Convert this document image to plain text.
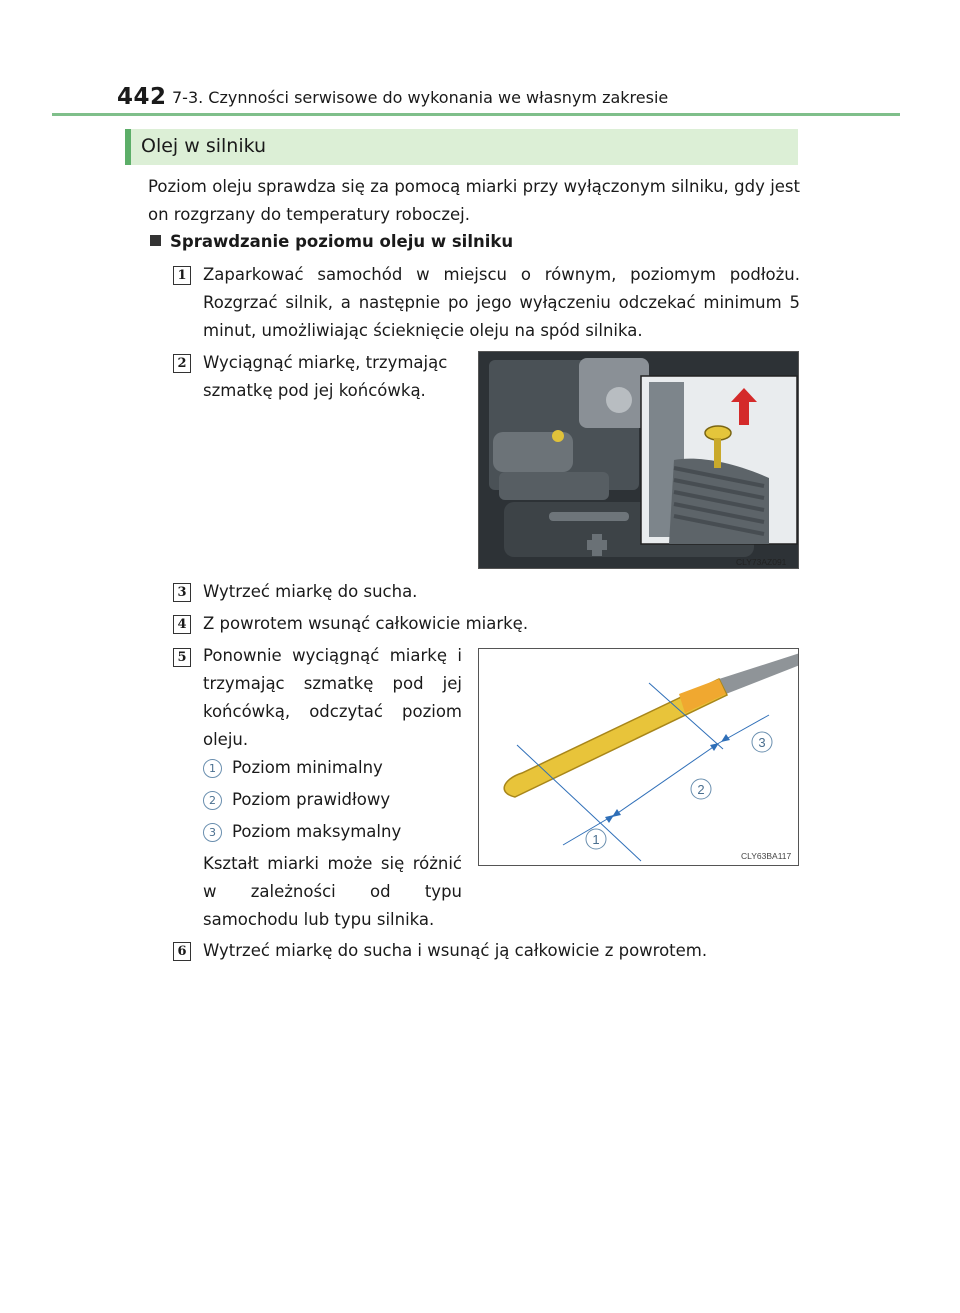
442 7-3. Czynności serwisowe do wykonania we własnym zakresie
Olej w silniku
Poziom oleju sprawdza się za pomocą miarki przy wyłączonym silniku, gdy jest on rozgrzany do temperatury roboczej.
Sprawdzanie poziomu oleju w silniku
1 Zaparkować samochód w miejscu o równym, poziomym podłożu. Rozgrzać silnik, a następnie po jego wyłączeniu odczekać minimum 5 minut, umożliwiając ścieknięcie oleju na spód silnika.
2 Wyciągnąć miarkę, trzymając szmatkę pod jej końcówką.
CLY73AZ091
3 Wytrzeć miarkę do sucha.
4 Z powrotem wsunąć całkowicie miarkę.
5 Ponownie wyciągnąć miarkę i trzymając szmatkę pod jej końcówką, odczytać poziom oleju.
1 Poziom minimalny
2 Poziom prawidłowy
3 Poziom maksymalny
Kształt miarki może się różnić w zależności od typu samochodu lub typu silnika.
1
2
3
CLY63BA117
6 Wytrzeć miarkę do sucha i wsunąć ją całkowicie z powrotem.
